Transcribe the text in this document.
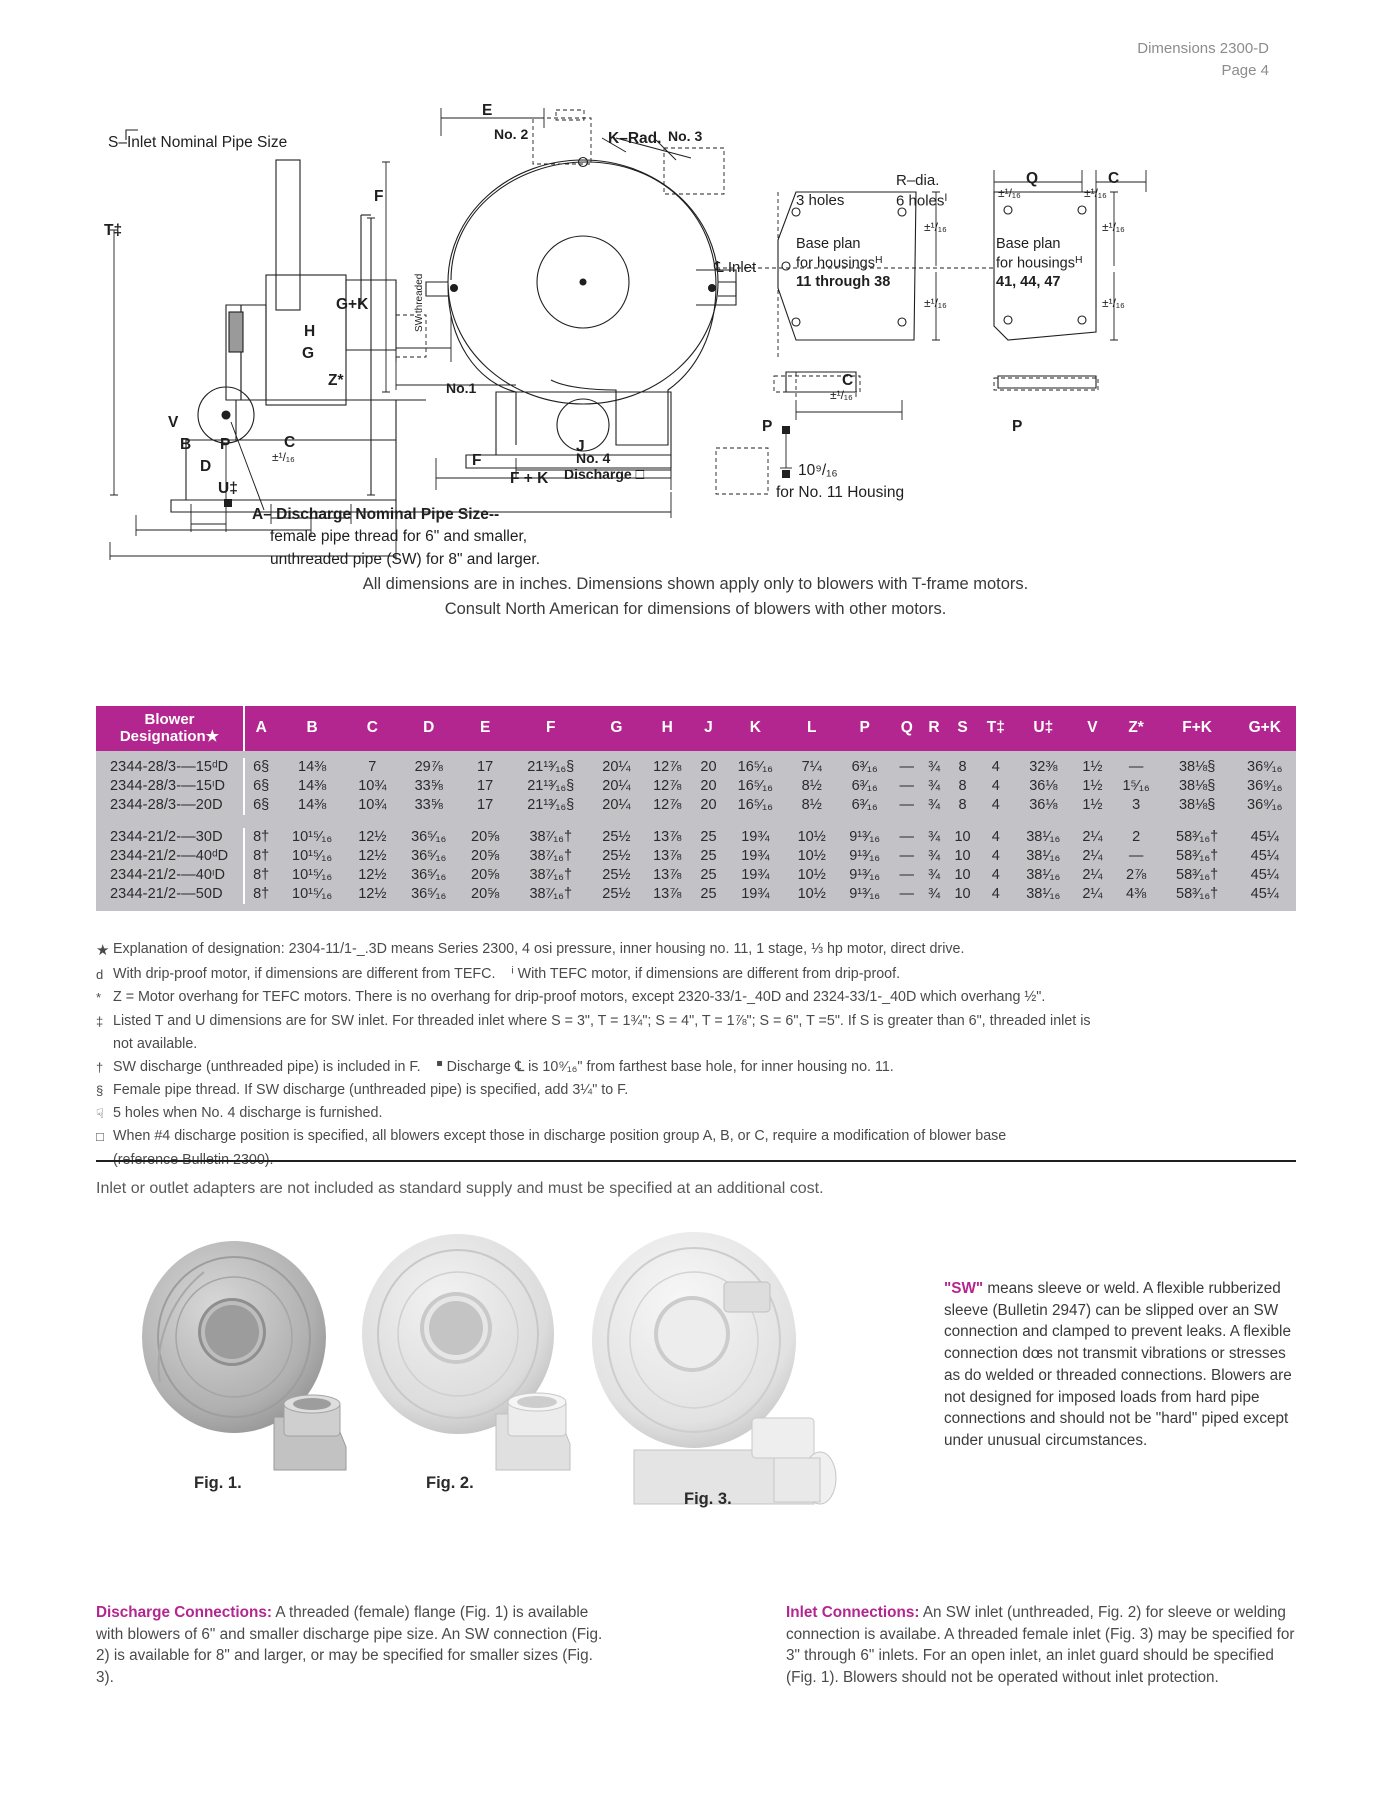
Dimensions 2300-D
Page 4
S–Inlet Nominal Pipe Size
T‡
G+K
H
G
Z*
V
B P	C
±¹/₁₆
D
U‡
E
F
J
F
F + K
No.1
No. 2	No. 3
No. 4
Discharge □
K–Rad.
SW threaded
R–dia.
3 holes	6 holes$^I$
Q
±¹/₁₆
C
±¹/₁₆
Base plan
for housings$^H$
11 through 38
Base plan
for housings$^H$
41, 44, 47
℄ Inlet
±¹/₁₆
±¹/₁₆
±¹/₁₆
±¹/₁₆
C
±¹/₁₆
P	P
10⁹/₁₆
for No. 11 Housing
A– Discharge Nominal Pipe Size--
female pipe thread for 6" and smaller,
unthreaded pipe (SW) for 8" and larger.
All dimensions are in inches. Dimensions shown apply only to blowers with T-frame motors.
Consult North American for dimensions of blowers with other motors.
Blower
Designation★	A	B	C	D	E	F	G	H	J	K	L	P	Q	R	S	T‡	U‡	V	Z*	F+K	G+K

2344-28/3-—15ᵈD	6§	14⅜	7	29⅞	17	21¹³⁄₁₆§	20¼	12⅞	20	16⁵⁄₁₆	7¼	6³⁄₁₆	—	¾	8	4	32⅜	1½	—	38⅛§	36⁹⁄₁₆
2344-28/3-—15ᶦD	6§	14⅜	10¾	33⅝	17	21¹³⁄₁₆§	20¼	12⅞	20	16⁵⁄₁₆	8½	6³⁄₁₆	—	¾	8	4	36⅛	1½	1⁵⁄₁₆	38⅛§	36⁹⁄₁₆
2344-28/3-—20D	6§	14⅜	10¾	33⅝	17	21¹³⁄₁₆§	20¼	12⅞	20	16⁵⁄₁₆	8½	6³⁄₁₆	—	¾	8	4	36⅛	1½	3	38⅛§	36⁹⁄₁₆

2344-21/2-—30D	8†	10¹⁵⁄₁₆	12½	36⁵⁄₁₆	20⅝	38⁷⁄₁₆†	25½	13⅞	25	19¾	10½	9¹³⁄₁₆	—	¾	10	4	38¹⁄₁₆	2¼	2	58³⁄₁₆†	45¼
2344-21/2-—40ᵈD	8†	10¹⁵⁄₁₆	12½	36⁵⁄₁₆	20⅝	38⁷⁄₁₆†	25½	13⅞	25	19¾	10½	9¹³⁄₁₆	—	¾	10	4	38¹⁄₁₆	2¼	—	58³⁄₁₆†	45¼
2344-21/2-—40ᶦD	8†	10¹⁵⁄₁₆	12½	36⁵⁄₁₆	20⅝	38⁷⁄₁₆†	25½	13⅞	25	19¾	10½	9¹³⁄₁₆	—	¾	10	4	38¹⁄₁₆	2¼	2⅞	58³⁄₁₆†	45¼
2344-21/2-—50D	8†	10¹⁵⁄₁₆	12½	36⁵⁄₁₆	20⅝	38⁷⁄₁₆†	25½	13⅞	25	19¾	10½	9¹³⁄₁₆	—	¾	10	4	38¹⁄₁₆	2¼	4⅜	58³⁄₁₆†	45¼

★ Explanation of designation: 2304-11/1-_.3D means Series 2300, 4 osi pressure, inner housing no. 11, 1 stage, ⅓ hp motor, direct drive.
d With drip-proof motor, if dimensions are different from TEFC. $^i$ With TEFC motor, if dimensions are different from drip-proof.
* Z = Motor overhang for TEFC motors. There is no overhang for drip-proof motors, except 2320-33/1-_40D and 2324-33/1-_40D which overhang ½".
‡ Listed T and U dimensions are for SW inlet. For threaded inlet where S = 3", T = 1¾"; S = 4", T = 1⅞"; S = 6", T =5". If S is greater than 6", threaded inlet is
not available.
† SW discharge (unthreaded pipe) is included in F. ■ Discharge ℄ is 10⁹⁄₁₆" from farthest base hole, for inner housing no. 11.
§ Female pipe thread. If SW discharge (unthreaded pipe) is specified, add 3¼" to F.
☟ 5 holes when No. 4 discharge is furnished.
□ When #4 discharge position is specified, all blowers except those in discharge position group A, B, or C, require a modification of blower base
(reference Bulletin 2300).
Inlet or outlet adapters are not included as standard supply and must be specified at an additional cost.
Fig. 1.	Fig. 2.
Fig. 3.
"SW" means sleeve or weld. A flexible rubberized sleeve (Bulletin 2947) can be slipped over an SW connection and clamped to prevent leaks. A flexible connection dœs not transmit vibrations or stresses as do welded or threaded connections. Blowers are not designed for imposed loads from hard pipe connections and should not be "hard" piped except under unusual circumstances.
Discharge Connections: A threaded (female) flange (Fig. 1) is available with blowers of 6" and smaller discharge pipe size. An SW connection (Fig. 2) is available for 8" and larger, or may be specified for smaller sizes (Fig. 3).
Inlet Connections: An SW inlet (unthreaded, Fig. 2) for sleeve or welding connection is availabe. A threaded female inlet (Fig. 3) may be specified for 3" through 6" inlets. For an open inlet, an inlet guard should be specified (Fig. 1). Blowers should not be operated without inlet protection.
